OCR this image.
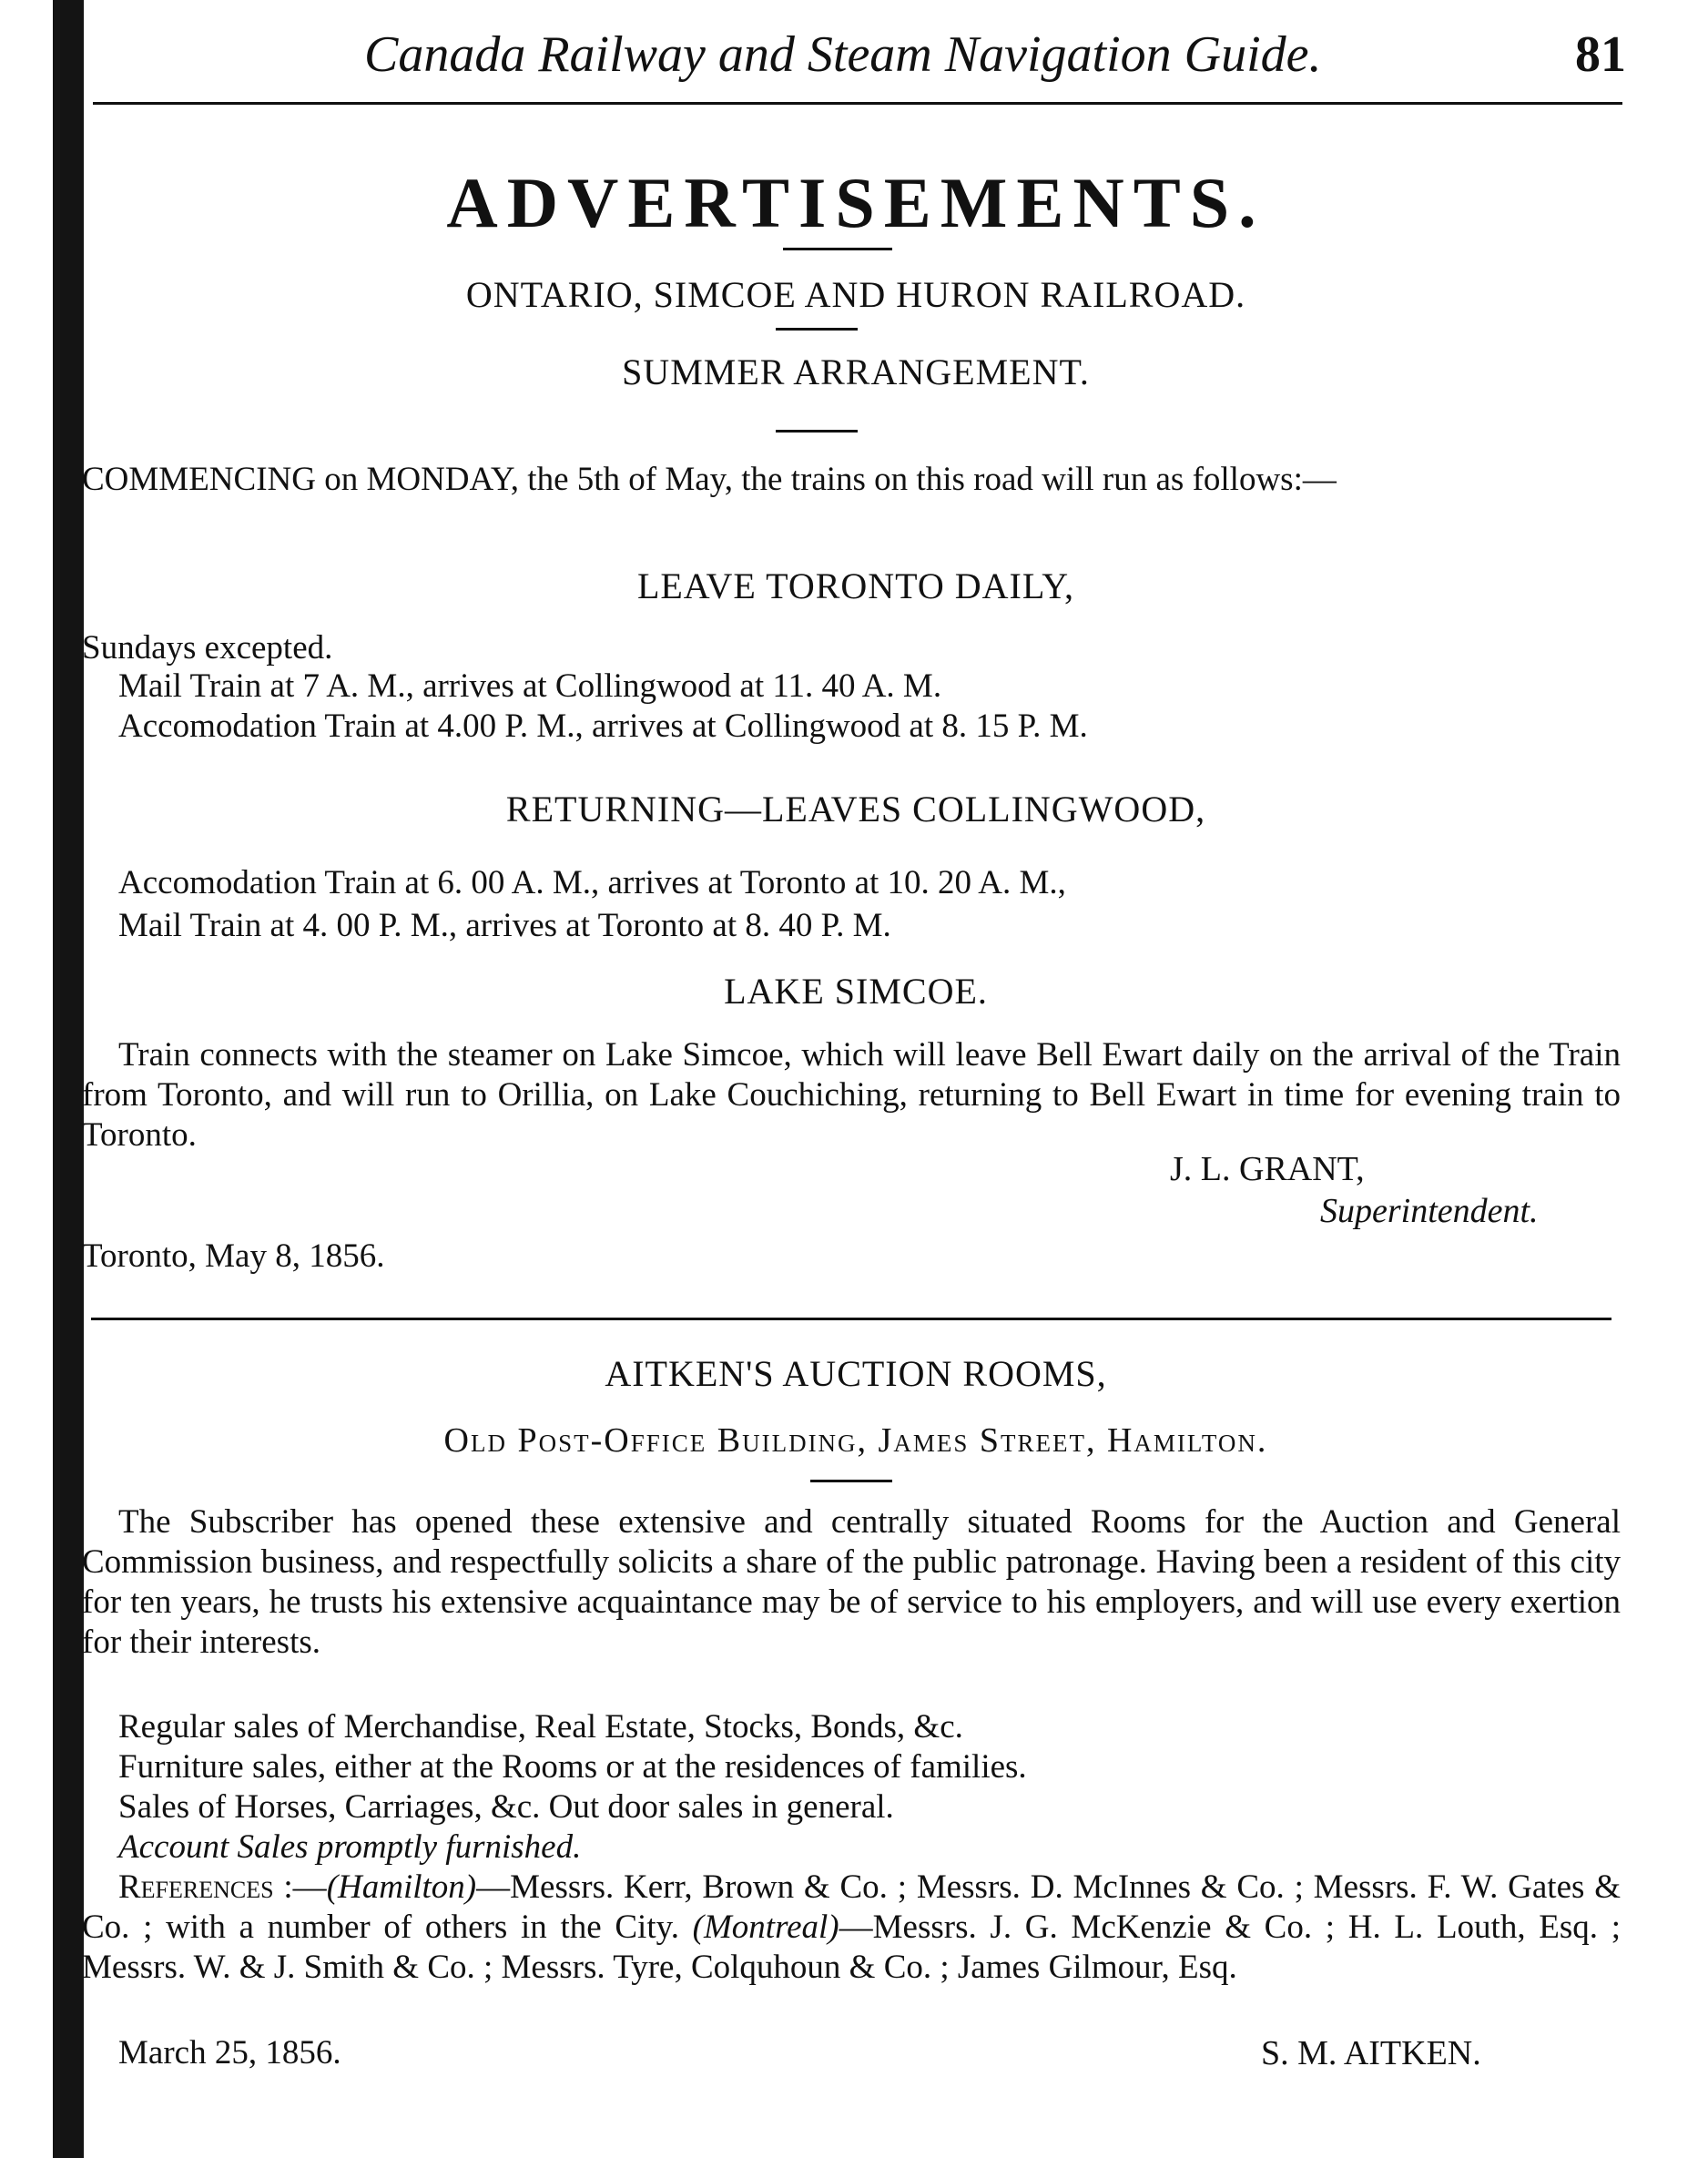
Canada Railway and Steam Navigation Guide.	81
ADVERTISEMENTS.
ONTARIO, SIMCOE AND HURON RAILROAD.
SUMMER ARRANGEMENT.
COMMENCING on MONDAY, the 5th of May, the trains on this road will run as follows:—
LEAVE TORONTO DAILY,
Sundays excepted.
Mail Train at 7 A. M., arrives at Collingwood at 11. 40 A. M.
Accomodation Train at 4.00 P. M., arrives at Collingwood at 8. 15 P. M.
RETURNING—LEAVES COLLINGWOOD,
Accomodation Train at 6. 00 A. M., arrives at Toronto at 10. 20 A. M.,
Mail Train at 4. 00 P. M., arrives at Toronto at 8. 40 P. M.
LAKE SIMCOE.
Train connects with the steamer on Lake Simcoe, which will leave Bell Ewart daily on the arrival of the Train from Toronto, and will run to Orillia, on Lake Couchiching, returning to Bell Ewart in time for evening train to Toronto.
J. L. GRANT,
Superintendent.
Toronto, May 8, 1856.
AITKEN'S AUCTION ROOMS,
Old Post-Office Building, James Street, Hamilton.
The Subscriber has opened these extensive and centrally situated Rooms for the Auction and General Commission business, and respectfully solicits a share of the public patronage. Having been a resident of this city for ten years, he trusts his extensive acquaintance may be of service to his employers, and will use every exertion for their interests.
Regular sales of Merchandise, Real Estate, Stocks, Bonds, &c.
Furniture sales, either at the Rooms or at the residences of families.
Sales of Horses, Carriages, &c. Out door sales in general.
Account Sales promptly furnished.
References :—(Hamilton)—Messrs. Kerr, Brown & Co. ; Messrs. D. McInnes & Co. ; Messrs. F. W. Gates & Co. ; with a number of others in the City. (Montreal)—Messrs. J. G. McKenzie & Co. ; H. L. Louth, Esq. ; Messrs. W. & J. Smith & Co. ; Messrs. Tyre, Colquhoun & Co. ; James Gilmour, Esq.
March 25, 1856.	S. M. AITKEN.
